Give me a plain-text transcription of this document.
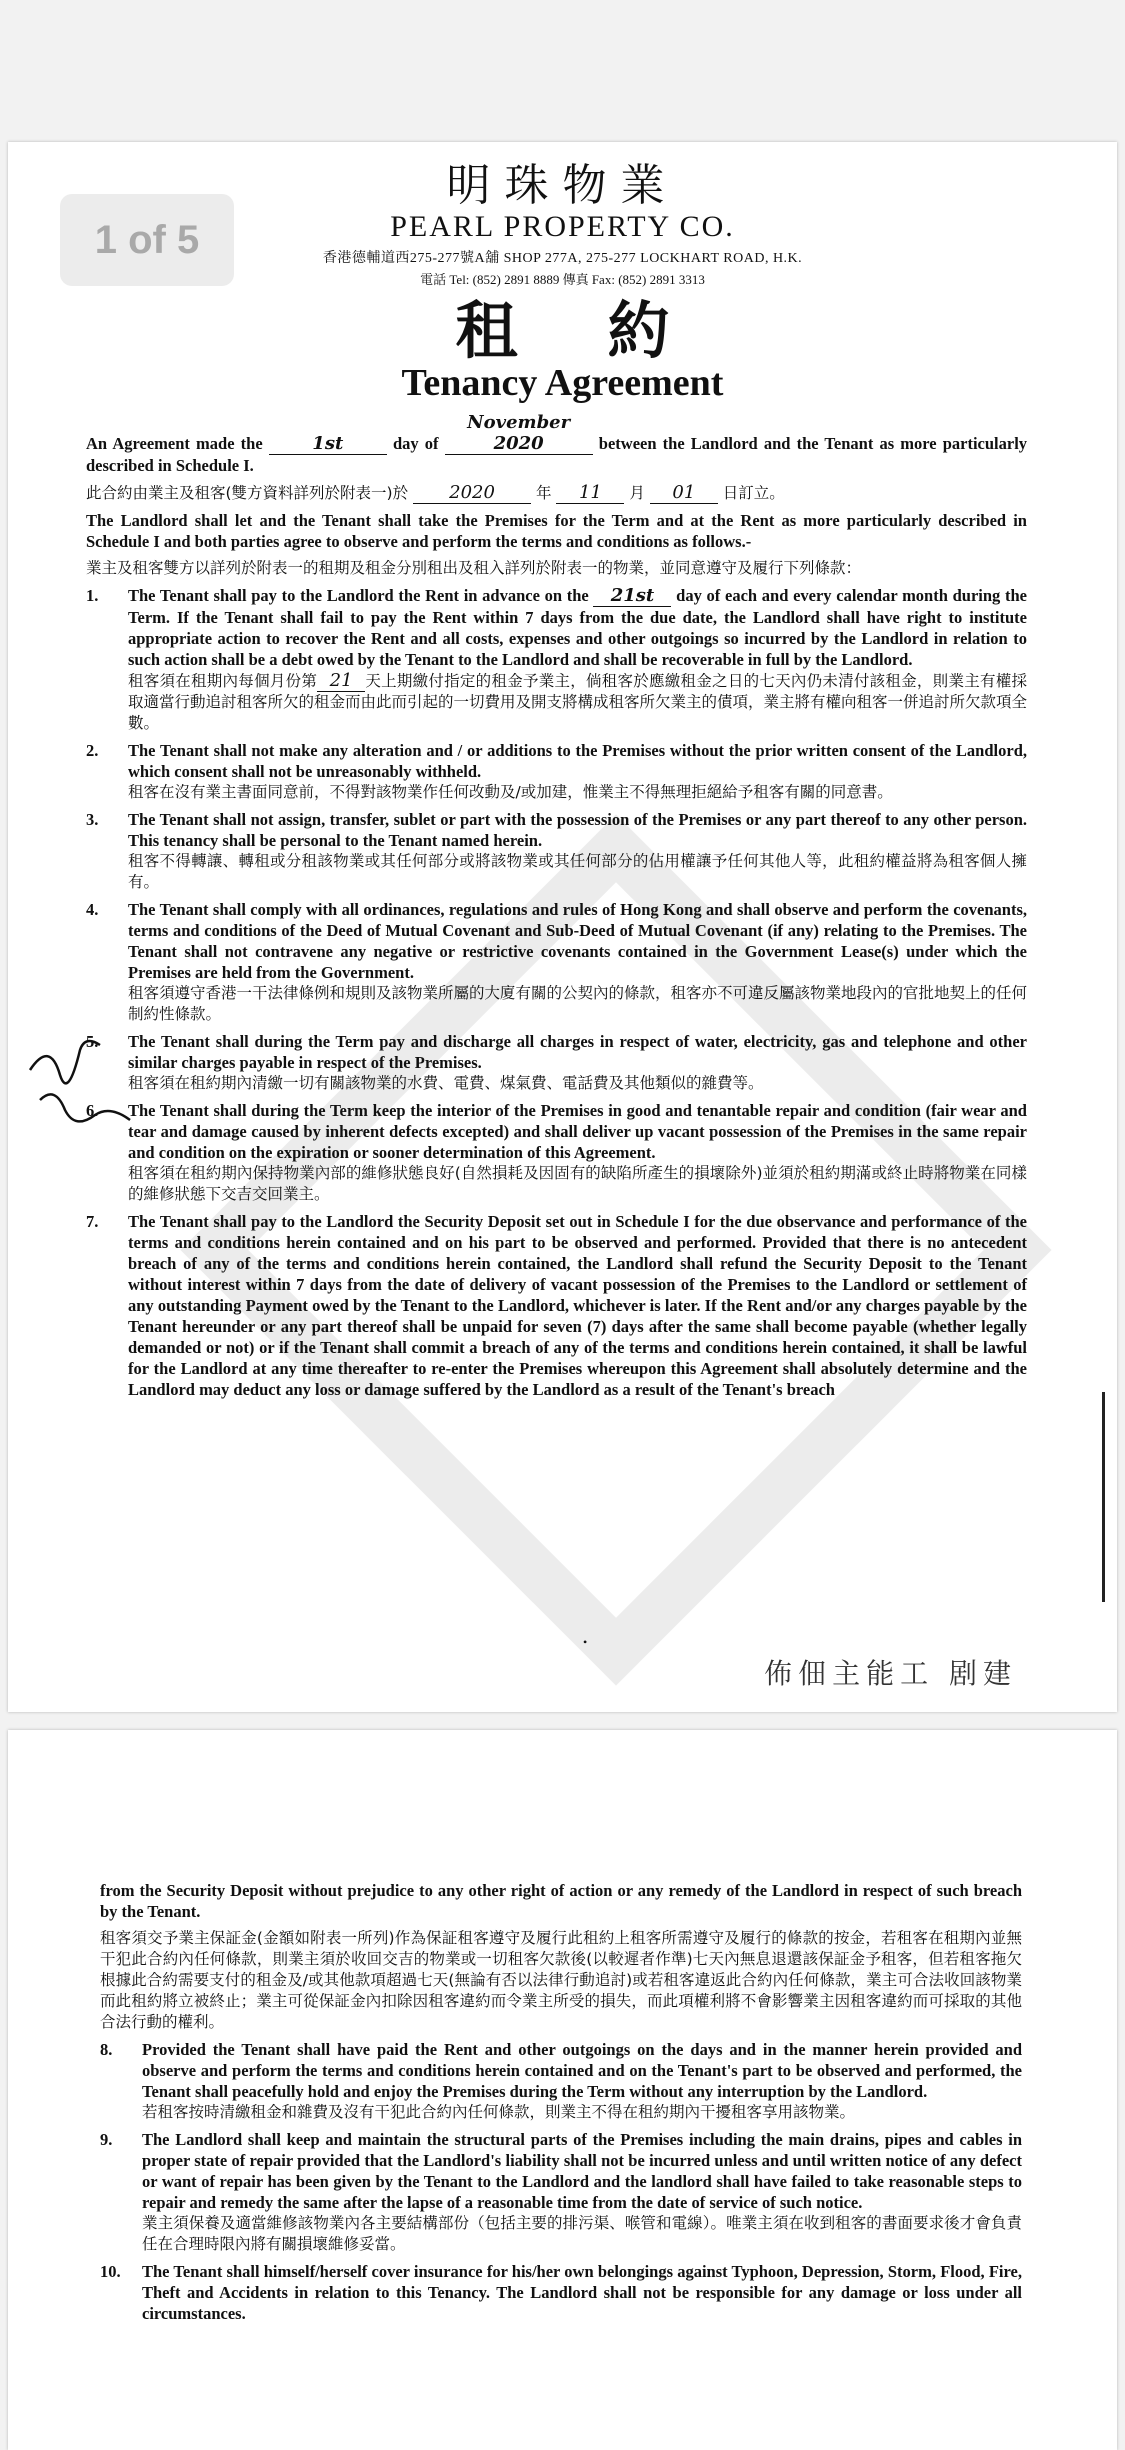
1 of 5
明珠物業
PEARL PROPERTY CO.
香港德輔道西275-277號A舖 SHOP 277A, 275-277 LOCKHART ROAD, H.K.
電話 Tel: (852) 2891 8889 傳真 Fax: (852) 2891 3313
租約
Tenancy Agreement
An Agreement made the	1st	day of November 2020	between the Landlord and the Tenant as more particularly described in Schedule I.
此合約由業主及租客(雙方資料詳列於附表一)於 2020	年 11 月 01 日訂立。
The Landlord shall let and the Tenant shall take the Premises for the Term and at the Rent as more particularly described in Schedule I and both parties agree to observe and perform the terms and conditions as follows.-
業主及租客雙方以詳列於附表一的租期及租金分別租出及租入詳列於附表一的物業，並同意遵守及履行下列條款：
1.	The Tenant shall pay to the Landlord the Rent in advance on the 21st day of each and every calendar month during the Term. If the Tenant shall fail to pay the Rent within 7 days from the due date, the Landlord shall have right to institute appropriate action to recover the Rent and all costs, expenses and other outgoings so incurred by the Landlord in relation to such action shall be a debt owed by the Tenant to the Landlord and shall be recoverable in full by the Landlord.
租客須在租期內每個月份第 21 天上期繳付指定的租金予業主，倘租客於應繳租金之日的七天內仍未清付該租金，則業主有權採取適當行動追討租客所欠的租金而由此而引起的一切費用及開支將構成租客所欠業主的債項，業主將有權向租客一併追討所欠款項全數。
2.	The Tenant shall not make any alteration and / or additions to the Premises without the prior written consent of the Landlord, which consent shall not be unreasonably withheld.
租客在沒有業主書面同意前，不得對該物業作任何改動及/或加建，惟業主不得無理拒絕給予租客有關的同意書。
3.	The Tenant shall not assign, transfer, sublet or part with the possession of the Premises or any part thereof to any other person. This tenancy shall be personal to the Tenant named herein.
租客不得轉讓、轉租或分租該物業或其任何部分或將該物業或其任何部分的佔用權讓予任何其他人等，此租約權益將為租客個人擁有。
4.	The Tenant shall comply with all ordinances, regulations and rules of Hong Kong and shall observe and perform the covenants, terms and conditions of the Deed of Mutual Covenant and Sub-Deed of Mutual Covenant (if any) relating to the Premises. The Tenant shall not contravene any negative or restrictive covenants contained in the Government Lease(s) under which the Premises are held from the Government.
租客須遵守香港一干法律條例和規則及該物業所屬的大廈有關的公契內的條款，租客亦不可違反屬該物業地段內的官批地契上的任何制約性條款。
5.	The Tenant shall during the Term pay and discharge all charges in respect of water, electricity, gas and telephone and other similar charges payable in respect of the Premises.
租客須在租約期內清繳一切有關該物業的水費、電費、煤氣費、電話費及其他類似的雜費等。
6.	The Tenant shall during the Term keep the interior of the Premises in good and tenantable repair and condition (fair wear and tear and damage caused by inherent defects excepted) and shall deliver up vacant possession of the Premises in the same repair and condition on the expiration or sooner determination of this Agreement.
租客須在租約期內保持物業內部的維修狀態良好(自然損耗及因固有的缺陷所產生的損壞除外)並須於租約期滿或終止時將物業在同樣的維修狀態下交吉交回業主。
7.	The Tenant shall pay to the Landlord the Security Deposit set out in Schedule I for the due observance and performance of the terms and conditions herein contained and on his part to be observed and performed. Provided that there is no antecedent breach of any of the terms and conditions herein contained, the Landlord shall refund the Security Deposit to the Tenant without interest within 7 days from the date of delivery of vacant possession of the Premises to the Landlord or settlement of any outstanding Payment owed by the Tenant to the Landlord, whichever is later. If the Rent and/or any charges payable by the Tenant hereunder or any part thereof shall be unpaid for seven (7) days after the same shall become payable (whether legally demanded or not) or if the Tenant shall commit a breach of any of the terms and conditions herein contained, it shall be lawful for the Landlord at any time thereafter to re-enter the Premises whereupon this Agreement shall absolutely determine and the Landlord may deduct any loss or damage suffered by the Landlord as a result of the Tenant's breach
•
佈佃主能工 剧建
from the Security Deposit without prejudice to any other right of action or any remedy of the Landlord in respect of such breach by the Tenant.
租客須交予業主保証金(金額如附表一所列)作為保証租客遵守及履行此租約上租客所需遵守及履行的條款的按金，若租客在租期內並無干犯此合約內任何條款，則業主須於收回交吉的物業或一切租客欠款後(以較遲者作準)七天內無息退還該保証金予租客，但若租客拖欠根據此合約需要支付的租金及/或其他款項超過七天(無論有否以法律行動追討)或若租客違返此合約內任何條款，業主可合法收回該物業而此租約將立被終止；業主可從保証金內扣除因租客違約而令業主所受的損失，而此項權利將不會影響業主因租客違約而可採取的其他合法行動的權利。
8.	Provided the Tenant shall have paid the Rent and other outgoings on the days and in the manner herein provided and observe and perform the terms and conditions herein contained and on the Tenant's part to be observed and performed, the Tenant shall peacefully hold and enjoy the Premises during the Term without any interruption by the Landlord.
若租客按時清繳租金和雜費及沒有干犯此合約內任何條款，則業主不得在租約期內干擾租客享用該物業。
9.	The Landlord shall keep and maintain the structural parts of the Premises including the main drains, pipes and cables in proper state of repair provided that the Landlord's liability shall not be incurred unless and until written notice of any defect or want of repair has been given by the Tenant to the Landlord and the landlord shall have failed to take reasonable steps to repair and remedy the same after the lapse of a reasonable time from the date of service of such notice.
業主須保養及適當維修該物業內各主要結構部份（包括主要的排污渠、喉管和電線）。唯業主須在收到租客的書面要求後才會負責任在合理時限內將有關損壞維修妥當。
10.	The Tenant shall himself/herself cover insurance for his/her own belongings against Typhoon, Depression, Storm, Flood, Fire, Theft and Accidents in relation to this Tenancy. The Landlord shall not be responsible for any damage or loss under all circumstances.
